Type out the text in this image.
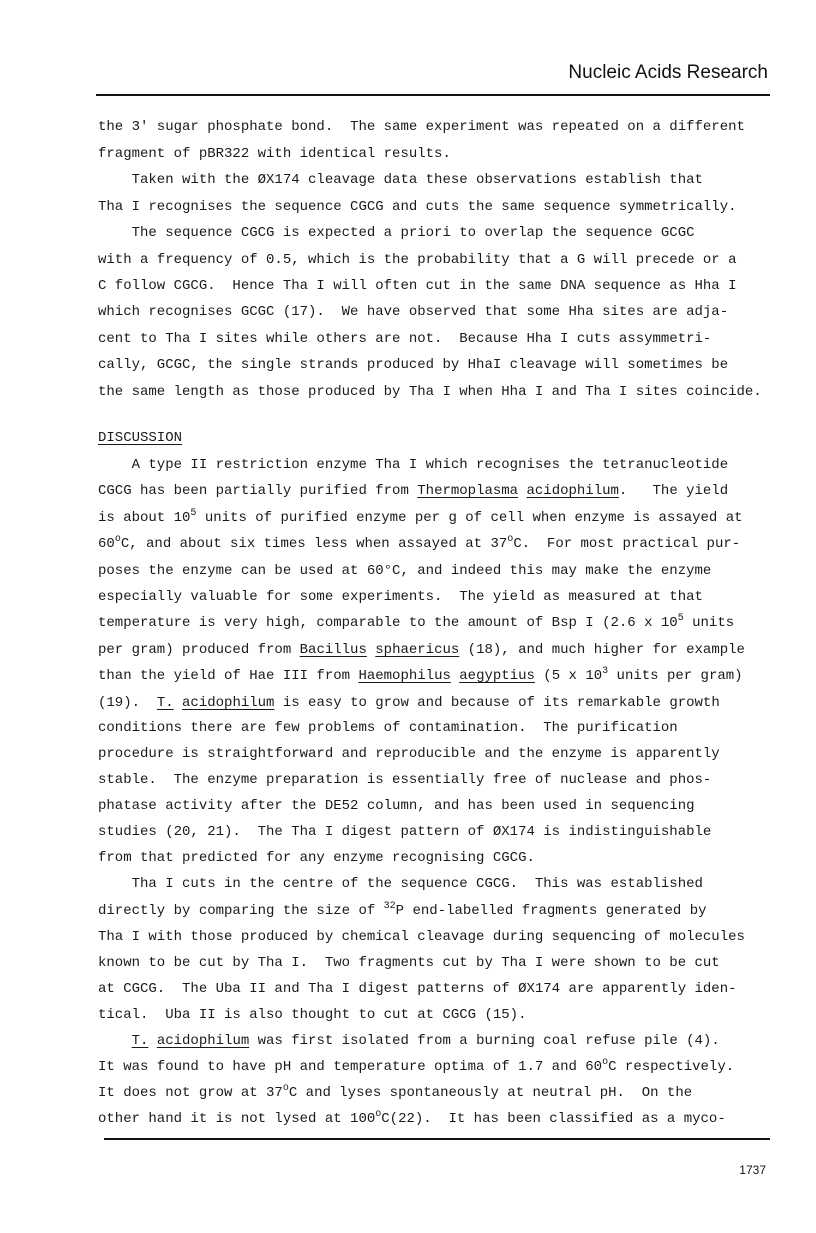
Nucleic Acids Research
the 3' sugar phosphate bond.  The same experiment was repeated on a different
fragment of pBR322 with identical results.
Taken with the ØX174 cleavage data these observations establish that
Tha I recognises the sequence CGCG and cuts the same sequence symmetrically.
The sequence CGCG is expected a priori to overlap the sequence GCGC
with a frequency of 0.5, which is the probability that a G will precede or a
C follow CGCG.  Hence Tha I will often cut in the same DNA sequence as Hha I
which recognises GCGC (17).  We have observed that some Hha sites are adja-
cent to Tha I sites while others are not.  Because Hha I cuts assymmetri-
cally, GCGC, the single strands produced by HhaI cleavage will sometimes be
the same length as those produced by Tha I when Hha I and Tha I sites coincide.
DISCUSSION
A type II restriction enzyme Tha I which recognises the tetranucleotide
CGCG has been partially purified from Thermoplasma acidophilum.   The yield
is about $10^5$ units of purified enzyme per g of cell when enzyme is assayed at
60$^o$C, and about six times less when assayed at 37$^o$C.  For most practical pur-
poses the enzyme can be used at 60°C, and indeed this may make the enzyme
especially valuable for some experiments.  The yield as measured at that
temperature is very high, comparable to the amount of Bsp I (2.6 x $10^5$ units
per gram) produced from Bacillus sphaericus (18), and much higher for example
than the yield of Hae III from Haemophilus aegyptius (5 x $10^3$ units per gram)
(19).  T. acidophilum is easy to grow and because of its remarkable growth
conditions there are few problems of contamination.  The purification
procedure is straightforward and reproducible and the enzyme is apparently
stable.  The enzyme preparation is essentially free of nuclease and phos-
phatase activity after the DE52 column, and has been used in sequencing
studies (20, 21).  The Tha I digest pattern of ØX174 is indistinguishable
from that predicted for any enzyme recognising CGCG.
Tha I cuts in the centre of the sequence CGCG.  This was established
directly by comparing the size of $^{32}$P end-labelled fragments generated by
Tha I with those produced by chemical cleavage during sequencing of molecules
known to be cut by Tha I.  Two fragments cut by Tha I were shown to be cut
at CGCG.  The Uba II and Tha I digest patterns of ØX174 are apparently iden-
tical.  Uba II is also thought to cut at CGCG (15).
T. acidophilum was first isolated from a burning coal refuse pile (4).
It was found to have pH and temperature optima of 1.7 and 60$^o$C respectively.
It does not grow at 37$^o$C and lyses spontaneously at neutral pH.  On the
other hand it is not lysed at 100$^o$C(22).  It has been classified as a myco-
1737
